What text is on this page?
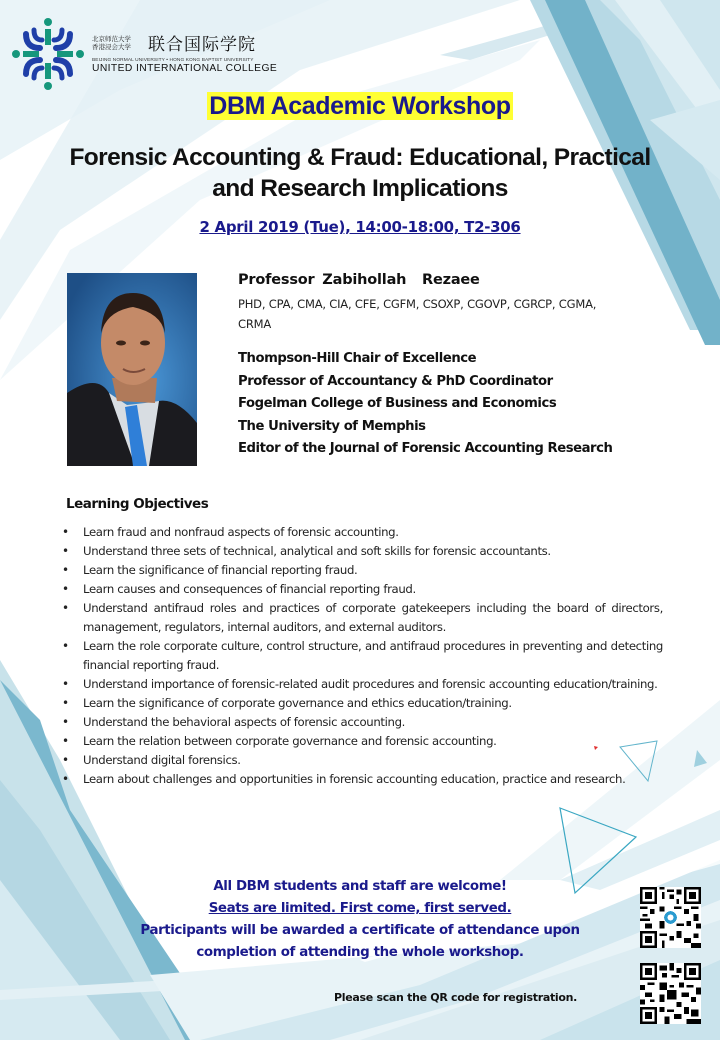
北京师范大学
香港浸会大学 联合国际学院
BEIJING NORMAL UNIVERSITY • HONG KONG BAPTIST UNIVERSITY
UNITED INTERNATIONAL COLLEGE
DBM Academic Workshop
Forensic Accounting & Fraud: Educational, Practical
and Research Implications
2 April 2019 (Tue), 14:00-18:00, T2-306
Professor Zabihollah  Rezaee
PHD, CPA, CMA, CIA, CFE, CGFM, CSOXP, CGOVP, CGRCP, CGMA, CRMA
Thompson-Hill Chair of Excellence
Professor of Accountancy & PhD Coordinator
Fogelman College of Business and Economics
The University of Memphis
Editor of the Journal of Forensic Accounting Research
Learning Objectives
• Learn fraud and nonfraud aspects of forensic accounting.
• Understand three sets of technical, analytical and soft skills for forensic accountants.
• Learn the significance of financial reporting fraud.
• Learn causes and consequences of financial reporting fraud.
• Understand antifraud roles and practices of corporate gatekeepers including the board of directors, management, regulators, internal auditors, and external auditors.
• Learn the role corporate culture, control structure, and antifraud procedures in preventing and detecting financial reporting fraud.
• Understand importance of forensic-related audit procedures and forensic accounting education/training.
• Learn the significance of corporate governance and ethics education/training.
• Understand the behavioral aspects of forensic accounting.
• Learn the relation between corporate governance and forensic accounting.
• Understand digital forensics.
• Learn about challenges and opportunities in forensic accounting education, practice and research.
All DBM students and staff are welcome!
Seats are limited. First come, first served.
Participants will be awarded a certificate of attendance upon
completion of attending the whole workshop.
Please scan the QR code for registration.
